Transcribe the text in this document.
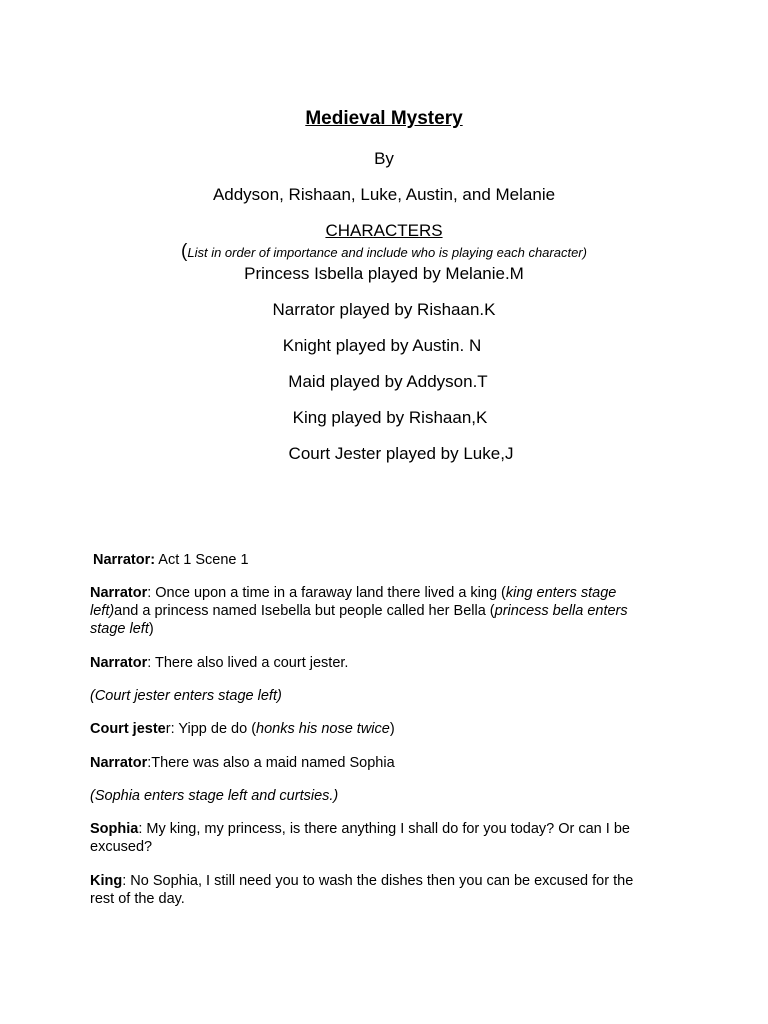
Medieval Mystery
By
Addyson, Rishaan, Luke, Austin, and Melanie
CHARACTERS
(List in order of importance and include who is playing each character)
Princess Isbella played by Melanie.M
Narrator played by Rishaan.K
Knight played by Austin. N
Maid played by Addyson.T
King played by Rishaan,K
Court Jester played by Luke,J
Narrator: Act 1 Scene 1
Narrator: Once upon a time in a faraway land there lived a king (king enters stage left)and a princess named Isebella but people called her Bella (princess bella enters stage left)
Narrator: There also lived a court jester.
(Court jester enters stage left)
Court jester: Yipp de do (honks his nose twice)
Narrator:There was also a maid named Sophia
(Sophia enters stage left and curtsies.)
Sophia: My king, my princess, is there anything I shall do for you today? Or can I be excused?
King: No Sophia, I still need you to wash the dishes then you can be excused for the rest of the day.
